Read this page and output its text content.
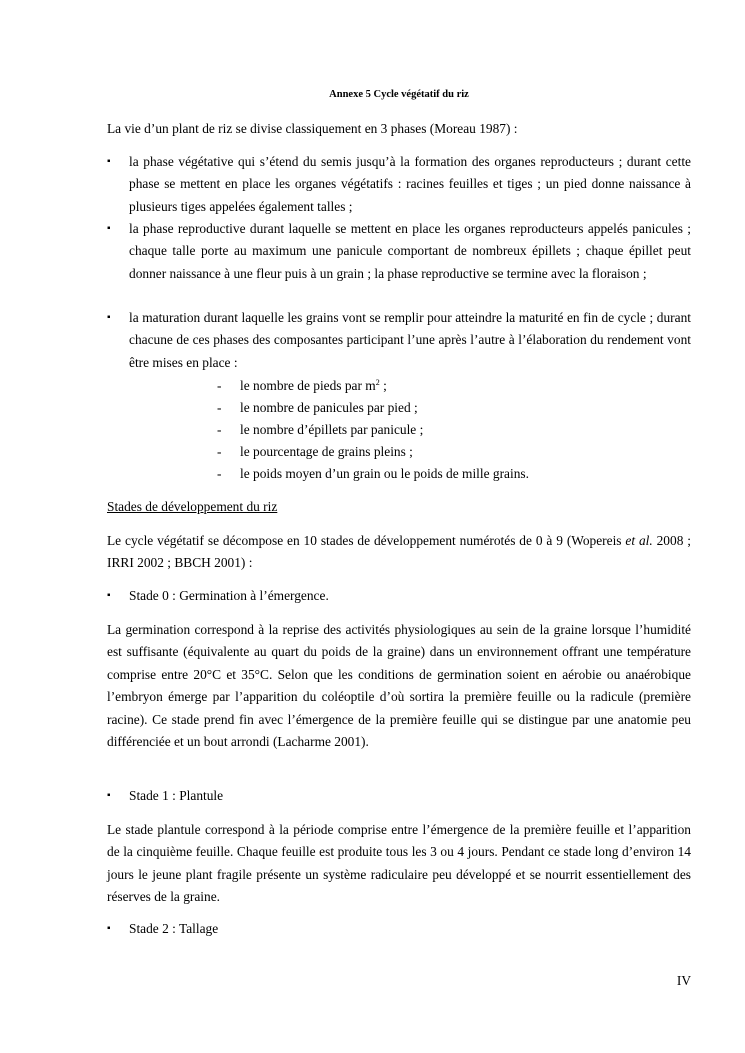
Annexe 5 Cycle végétatif du riz
La vie d’un plant de riz se divise classiquement en 3 phases (Moreau 1987) :
▪ la phase végétative qui s’étend du semis jusqu’à la formation des organes reproducteurs ; durant cette phase se mettent en place les organes végétatifs : racines feuilles et tiges ; un pied donne naissance à plusieurs tiges appelées également talles ;
▪ la phase reproductive durant laquelle se mettent en place les organes reproducteurs appelés panicules ; chaque talle porte au maximum une panicule comportant de nombreux épillets ; chaque épillet peut donner naissance à une fleur puis à un grain ; la phase reproductive se termine avec la floraison ;
▪ la maturation durant laquelle les grains vont se remplir pour atteindre la maturité en fin de cycle ; durant chacune de ces phases des composantes participant l’une après l’autre à l’élaboration du rendement vont être mises en place :
- le nombre de pieds par $m^2$ ;
- le nombre de panicules par pied ;
- le nombre d’épillets par panicule ;
- le pourcentage de grains pleins ;
- le poids moyen d’un grain ou le poids de mille grains.
Stades de développement du riz
Le cycle végétatif se décompose en 10 stades de développement numérotés de 0 à 9 (Wopereis et al. 2008 ; IRRI 2002 ; BBCH 2001) :
▪ Stade 0 : Germination à l’émergence.
La germination correspond à la reprise des activités physiologiques au sein de la graine lorsque l’humidité est suffisante (équivalente au quart du poids de la graine) dans un environnement offrant une température comprise entre 20°C et 35°C. Selon que les conditions de germination soient en aérobie ou anaérobique l’embryon émerge par l’apparition du coléoptile d’où sortira la première feuille ou la radicule (première racine). Ce stade prend fin avec l’émergence de la première feuille qui se distingue par une anatomie peu différenciée et un bout arrondi (Lacharme 2001).
▪ Stade 1 : Plantule
Le stade plantule correspond à la période comprise entre l’émergence de la première feuille et l’apparition de la cinquième feuille. Chaque feuille est produite tous les 3 ou 4 jours. Pendant ce stade long d’environ 14 jours le jeune plant fragile présente un système radiculaire peu développé et se nourrit essentiellement des réserves de la graine.
▪ Stade 2 : Tallage
IV
